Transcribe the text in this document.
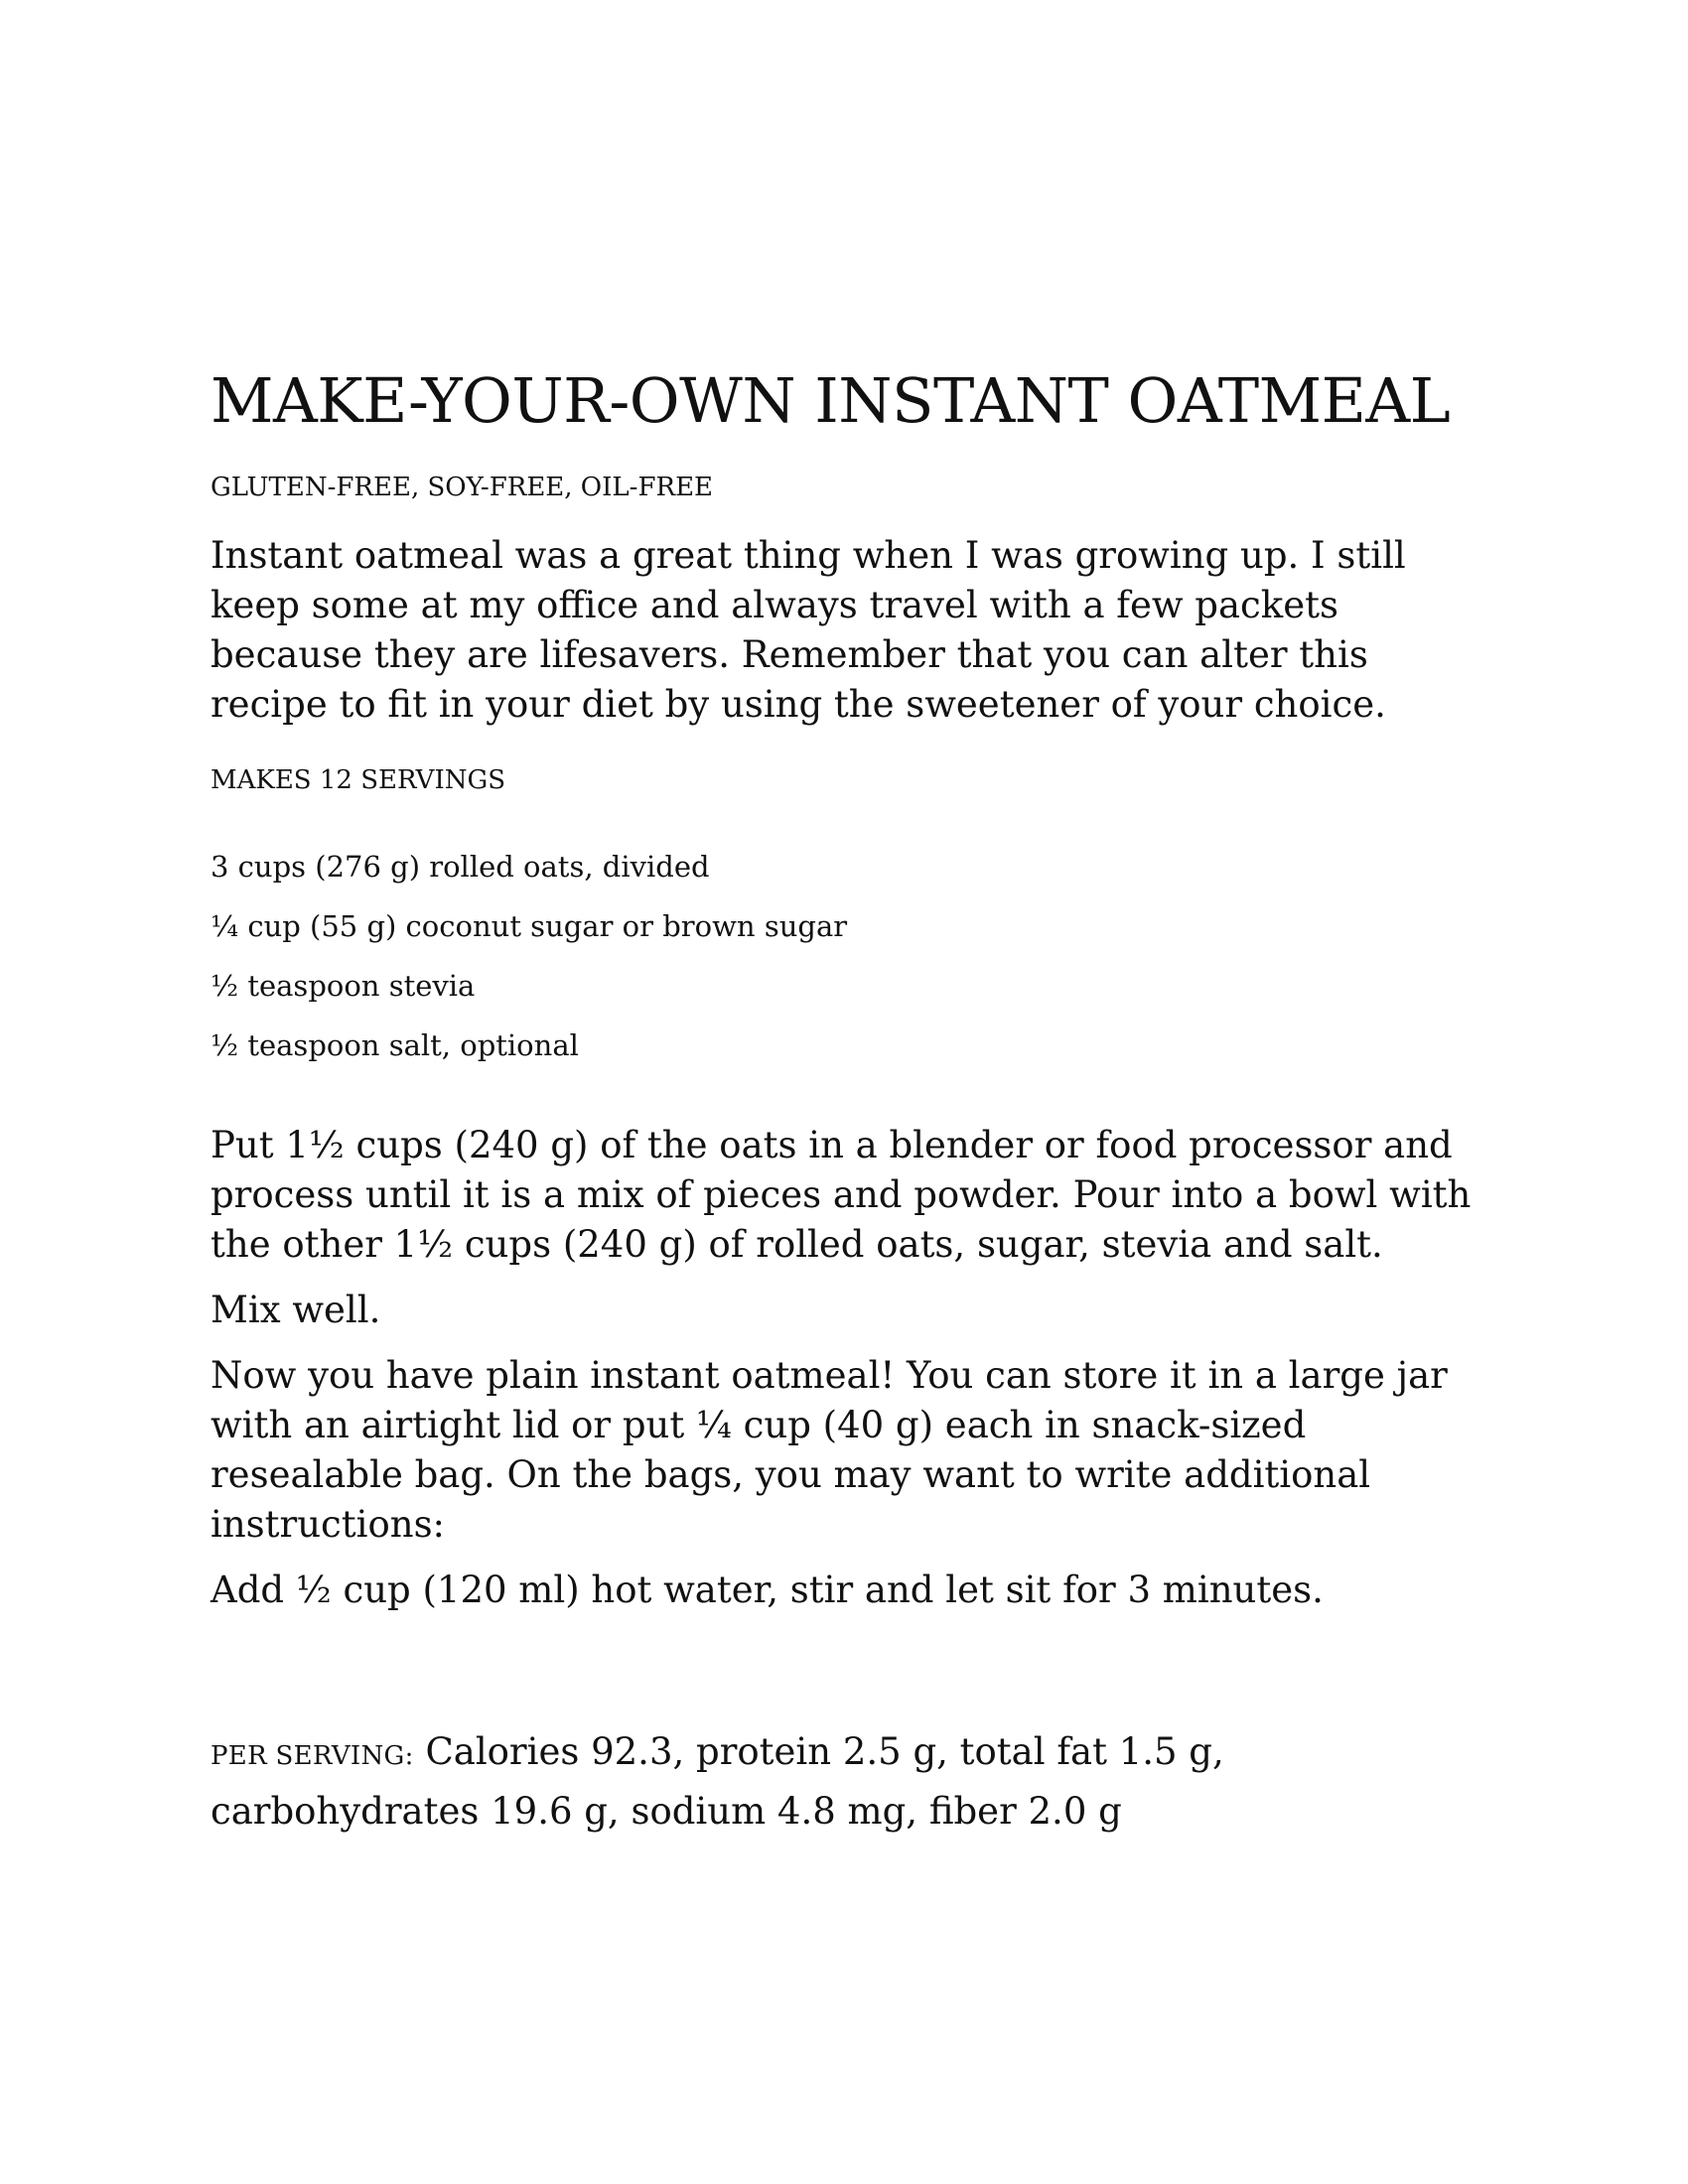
MAKE-YOUR-OWN INSTANT OATMEAL

GLUTEN-FREE, SOY-FREE, OIL-FREE

Instant oatmeal was a great thing when I was growing up. I still keep some at my office and always travel with a few packets because they are lifesavers. Remember that you can alter this recipe to fit in your diet by using the sweetener of your choice.

MAKES 12 SERVINGS

3 cups (276 g) rolled oats, divided
¼ cup (55 g) coconut sugar or brown sugar
½ teaspoon stevia
½ teaspoon salt, optional

Put 1½ cups (240 g) of the oats in a blender or food processor and process until it is a mix of pieces and powder. Pour into a bowl with the other 1½ cups (240 g) of rolled oats, sugar, stevia and salt.

Mix well.

Now you have plain instant oatmeal! You can store it in a large jar with an airtight lid or put ¼ cup (40 g) each in snack-sized resealable bag. On the bags, you may want to write additional instructions:

Add ½ cup (120 ml) hot water, stir and let sit for 3 minutes.

PER SERVING: Calories 92.3, protein 2.5 g, total fat 1.5 g, carbohydrates 19.6 g, sodium 4.8 mg, fiber 2.0 g
